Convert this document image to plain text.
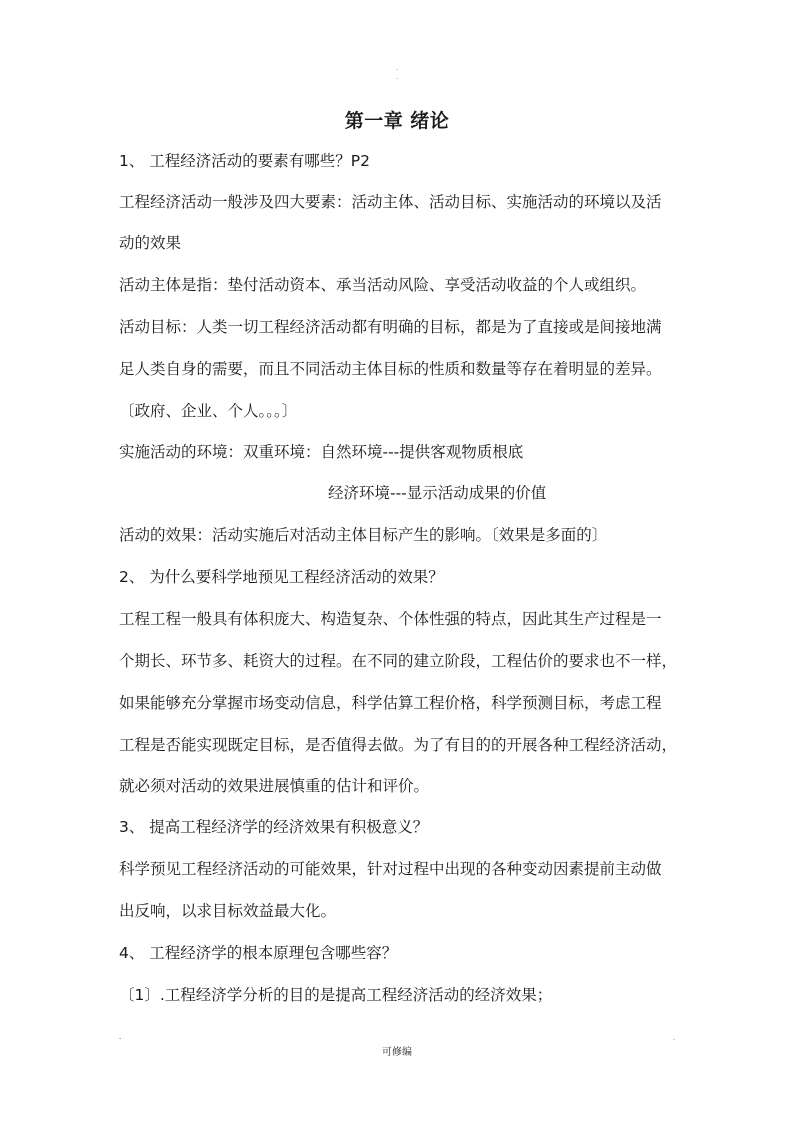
.
.
第一章 绪论
1、 工程经济活动的要素有哪些？P2
工程经济活动一般涉及四大要素：活动主体、活动目标、实施活动的环境以及活
动的效果
活动主体是指：垫付活动资本、承当活动风险、享受活动收益的个人或组织。
活动目标：人类一切工程经济活动都有明确的目标，都是为了直接或是间接地满
足人类自身的需要，而且不同活动主体目标的性质和数量等存在着明显的差异。
〔政府、企业、个人。。。〕
实施活动的环境：双重环境：自然环境---提供客观物质根底
经济环境---显示活动成果的价值
活动的效果：活动实施后对活动主体目标产生的影响。〔效果是多面的〕
2、 为什么要科学地预见工程经济活动的效果？
工程工程一般具有体积庞大、构造复杂、个体性强的特点，因此其生产过程是一
个期长、环节多、耗资大的过程。在不同的建立阶段，工程估价的要求也不一样，
如果能够充分掌握市场变动信息，科学估算工程价格，科学预测目标，考虑工程
工程是否能实现既定目标，是否值得去做。为了有目的的开展各种工程经济活动，
就必须对活动的效果进展慎重的估计和评价。
3、 提高工程经济学的经济效果有积极意义？
科学预见工程经济活动的可能效果，针对过程中出现的各种变动因素提前主动做
出反响，以求目标效益最大化。
4、 工程经济学的根本原理包含哪些容？
〔1〕.工程经济学分析的目的是提高工程经济活动的经济效果；
-
可修编
.
